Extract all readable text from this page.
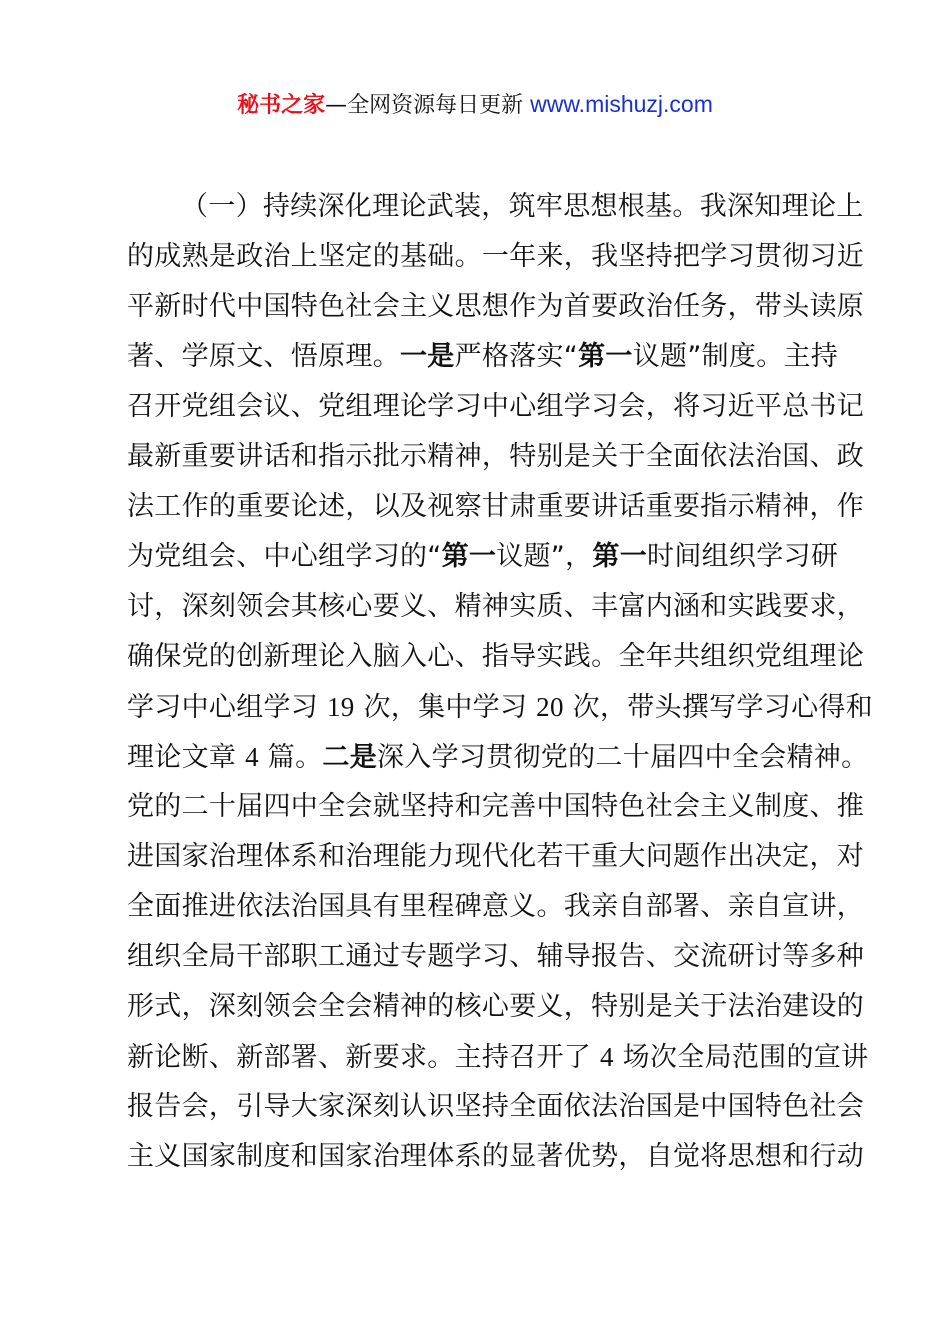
秘书之家—全网资源每日更新 www.mishuzj.com
（一）持续深化理论武装，筑牢思想根基。我深知理论上
的成熟是政治上坚定的基础。一年来，我坚持把学习贯彻习近
平新时代中国特色社会主义思想作为首要政治任务，带头读原
著、学原文、悟原理。一是严格落实“第一议题”制度。主持
召开党组会议、党组理论学习中心组学习会，将习近平总书记
最新重要讲话和指示批示精神，特别是关于全面依法治国、政
法工作的重要论述，以及视察甘肃重要讲话重要指示精神，作
为党组会、中心组学习的“第一议题”，第一时间组织学习研
讨，深刻领会其核心要义、精神实质、丰富内涵和实践要求，
确保党的创新理论入脑入心、指导实践。全年共组织党组理论
学习中心组学习 19 次，集中学习 20 次，带头撰写学习心得和
理论文章 4 篇。二是深入学习贯彻党的二十届四中全会精神。
党的二十届四中全会就坚持和完善中国特色社会主义制度、推
进国家治理体系和治理能力现代化若干重大问题作出决定，对
全面推进依法治国具有里程碑意义。我亲自部署、亲自宣讲，
组织全局干部职工通过专题学习、辅导报告、交流研讨等多种
形式，深刻领会全会精神的核心要义，特别是关于法治建设的
新论断、新部署、新要求。主持召开了 4 场次全局范围的宣讲
报告会，引导大家深刻认识坚持全面依法治国是中国特色社会
主义国家制度和国家治理体系的显著优势，自觉将思想和行动
